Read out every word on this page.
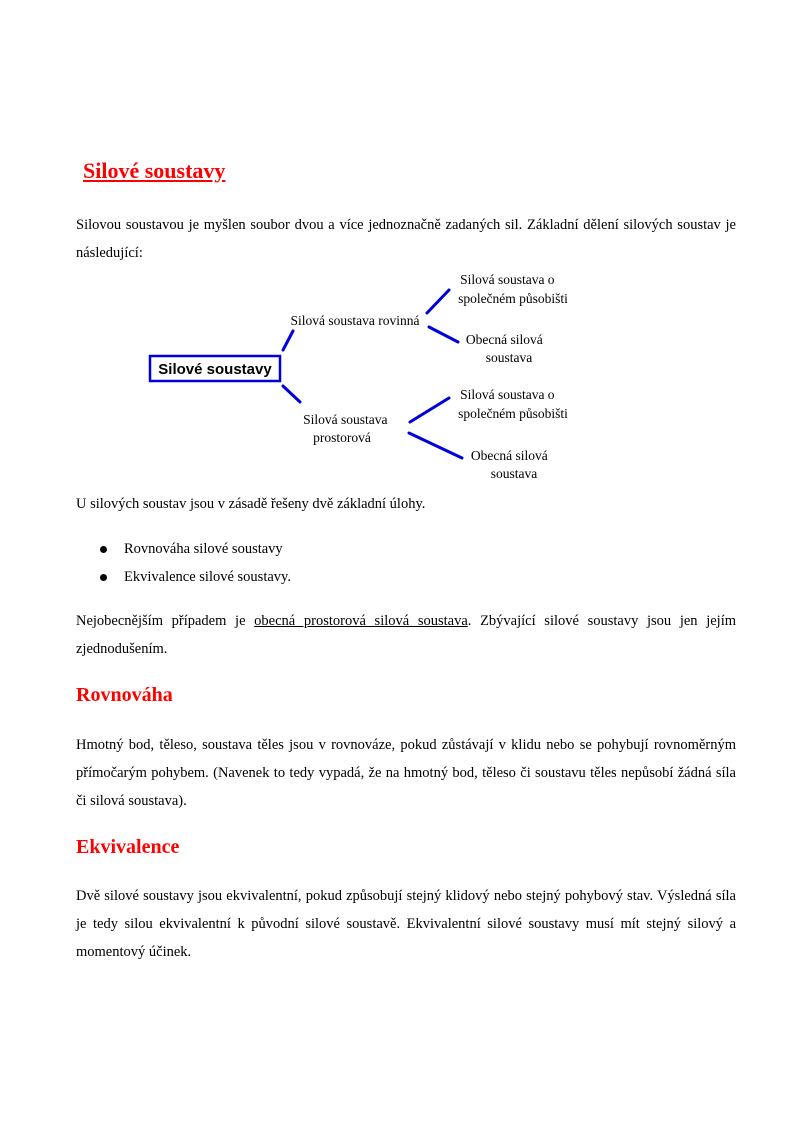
Silové soustavy

Silovou soustavou je myšlen soubor dvou a více jednoznačně zadaných sil. Základní dělení silových soustav je následující:

Silové soustavy
Silová soustava rovinná
Silová soustava o společném působišti
Obecná silová soustava
Silová soustava prostorová
Silová soustava o společném působišti
Obecná silová soustava

U silových soustav jsou v zásadě řešeny dvě základní úlohy.

Rovnováha silové soustavy
Ekvivalence silové soustavy.

Nejobecnějším případem je obecná prostorová silová soustava. Zbývající silové soustavy jsou jen jejím zjednodušením.

Rovnováha

Hmotný bod, těleso, soustava těles jsou v rovnováze, pokud zůstávají v klidu nebo se pohybují rovnoměrným přímočarým pohybem. (Navenek to tedy vypadá, že na hmotný bod, těleso či soustavu těles nepůsobí žádná síla či silová soustava).

Ekvivalence

Dvě silové soustavy jsou ekvivalentní, pokud způsobují stejný klidový nebo stejný pohybový stav. Výsledná síla je tedy silou ekvivalentní k původní silové soustavě. Ekvivalentní silové soustavy musí mít stejný silový a momentový účinek.
